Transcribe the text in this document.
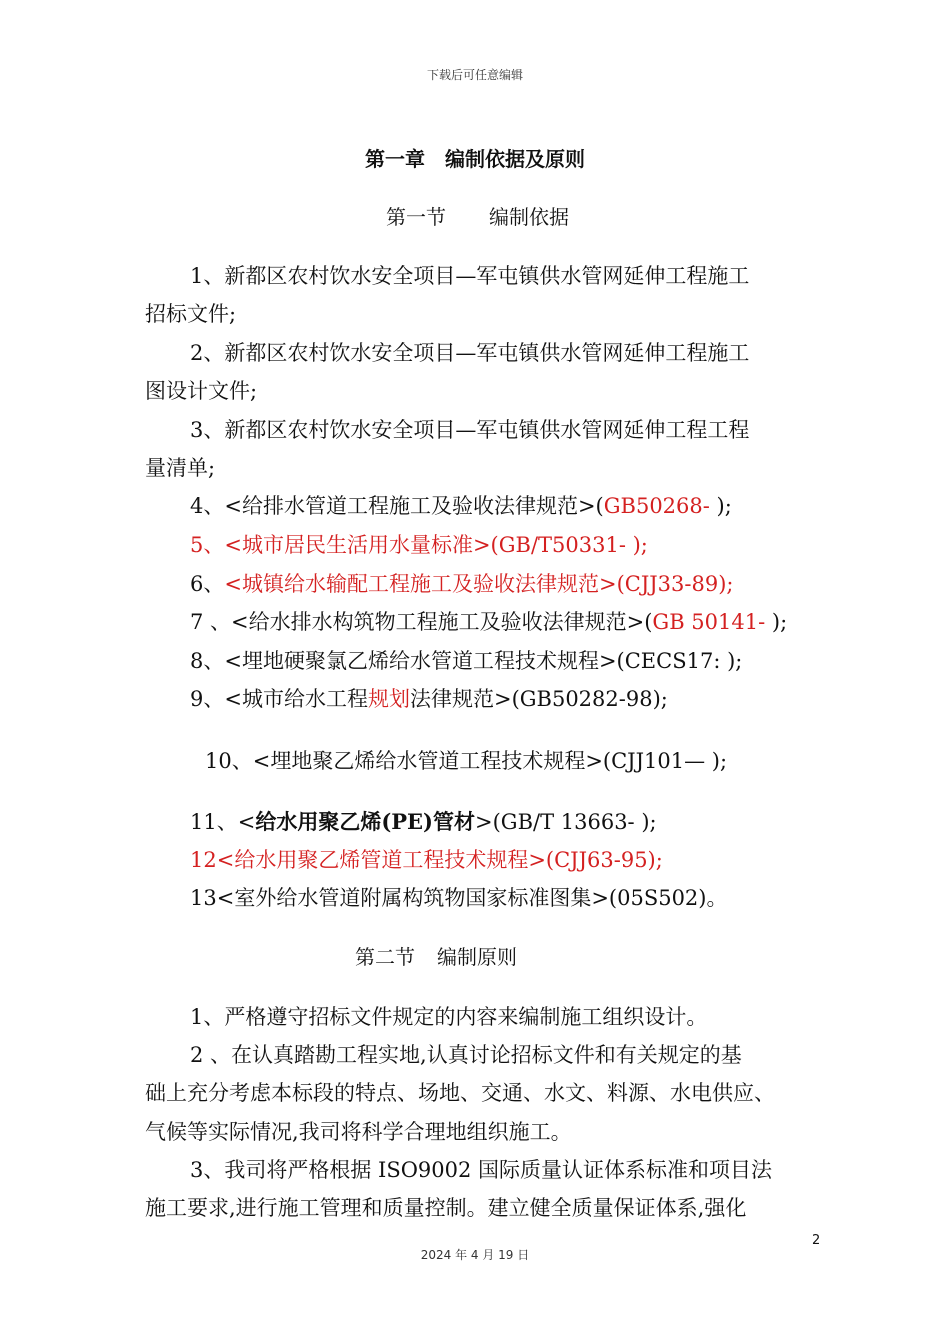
下载后可任意编辑
第一章　编制依据及原则
第一节 编制依据
1、新都区农村饮水安全项目—军屯镇供水管网延伸工程施工
招标文件;
2、新都区农村饮水安全项目—军屯镇供水管网延伸工程施工
图设计文件;
3、新都区农村饮水安全项目—军屯镇供水管网延伸工程工程
量清单;
4、<给排水管道工程施工及验收法律规范>(GB50268- );
5、<城市居民生活用水量标准>(GB/T50331- );
6、<城镇给水输配工程施工及验收法律规范>(CJJ33-89);
7 、<给水排水构筑物工程施工及验收法律规范>(GB 50141- );
8、<埋地硬聚氯乙烯给水管道工程技术规程>(CECS17: );
9、<城市给水工程规划法律规范>(GB50282-98);
10、<埋地聚乙烯给水管道工程技术规程>(CJJ101— );
11、<给水用聚乙烯(PE)管材>(GB/T 13663- );
12<给水用聚乙烯管道工程技术规程>(CJJ63-95);
13<室外给水管道附属构筑物国家标准图集>(05S502)。
第二节 编制原则
1、严格遵守招标文件规定的内容来编制施工组织设计。
2 、在认真踏勘工程实地,认真讨论招标文件和有关规定的基
础上充分考虑本标段的特点、场地、交通、水文、料源、水电供应、
气候等实际情况,我司将科学合理地组织施工。
3、我司将严格根据 ISO9002 国际质量认证体系标准和项目法
施工要求,进行施工管理和质量控制。建立健全质量保证体系,强化
2
2024 年 4 月 19 日
